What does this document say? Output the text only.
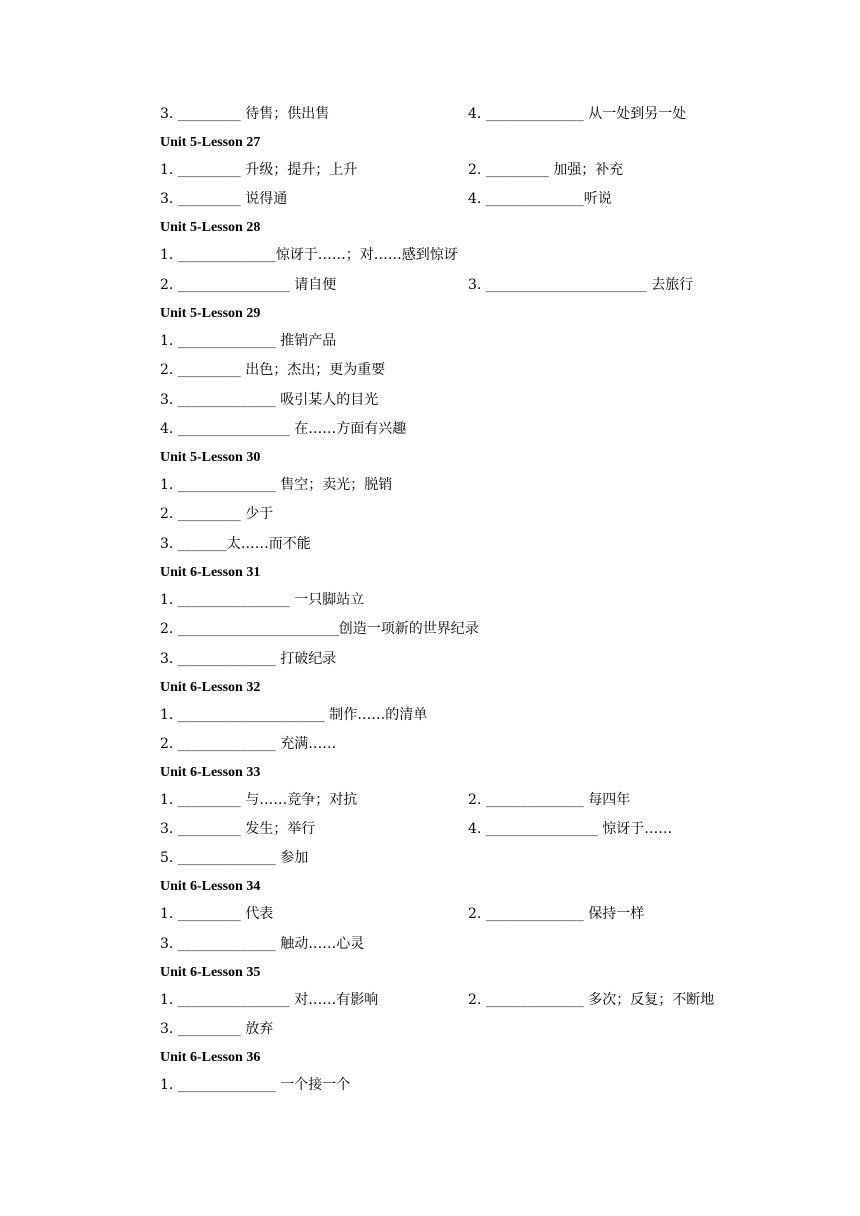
3. _________ 待售；供出售	4. ______________ 从一处到另一处
Unit 5-Lesson 27
1. _________ 升级；提升；上升	2. _________ 加强；补充
3. _________ 说得通	4. ______________听说
Unit 5-Lesson 28
1. ______________惊讶于……；对……感到惊讶
2. ________________ 请自便	3. _______________________ 去旅行
Unit 5-Lesson 29
1. ______________ 推销产品
2. _________ 出色；杰出；更为重要
3. ______________ 吸引某人的目光
4. ________________ 在……方面有兴趣
Unit 5-Lesson 30
1. ______________ 售空；卖光；脱销
2. _________ 少于
3. _______太……而不能
Unit 6-Lesson 31
1. ________________ 一只脚站立
2. _______________________创造一项新的世界纪录
3. ______________ 打破纪录
Unit 6-Lesson 32
1. _____________________ 制作……的清单
2. ______________ 充满……
Unit 6-Lesson 33
1. _________ 与……竞争；对抗	2. ______________ 每四年
3. _________ 发生；举行	4. ________________ 惊讶于……
5. ______________ 参加
Unit 6-Lesson 34
1. _________ 代表	2. ______________ 保持一样
3. ______________ 触动……心灵
Unit 6-Lesson 35
1. ________________ 对……有影响	2. ______________ 多次；反复；不断地
3. _________ 放弃
Unit 6-Lesson 36
1. ______________ 一个接一个
